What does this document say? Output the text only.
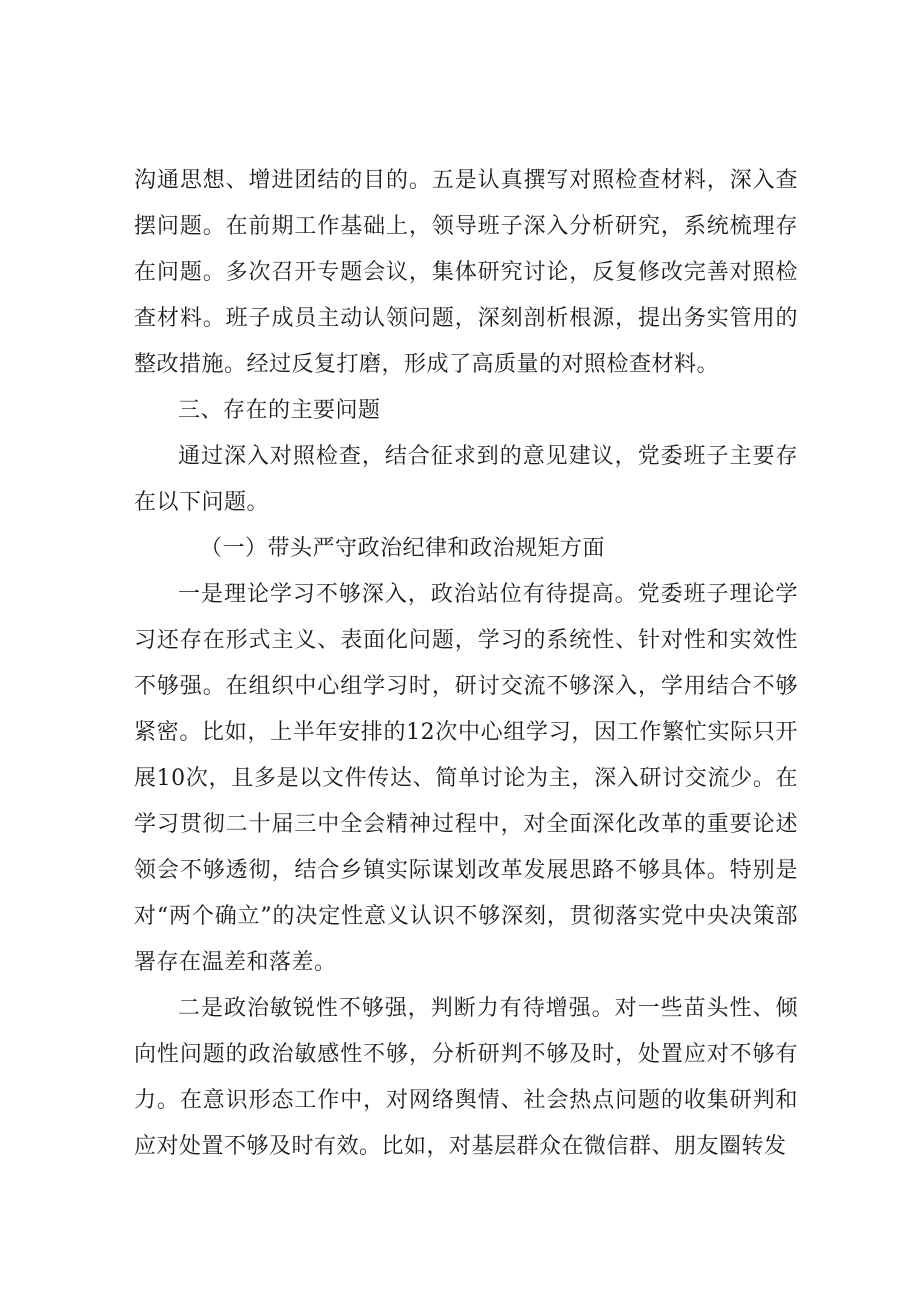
沟通思想、增进团结的目的。五是认真撰写对照检查材料，深入查摆问题。在前期工作基础上，领导班子深入分析研究，系统梳理存在问题。多次召开专题会议，集体研究讨论，反复修改完善对照检查材料。班子成员主动认领问题，深刻剖析根源，提出务实管用的整改措施。经过反复打磨，形成了高质量的对照检查材料。

三、存在的主要问题

通过深入对照检查，结合征求到的意见建议，党委班子主要存在以下问题。

（一）带头严守政治纪律和政治规矩方面

一是理论学习不够深入，政治站位有待提高。党委班子理论学习还存在形式主义、表面化问题，学习的系统性、针对性和实效性不够强。在组织中心组学习时，研讨交流不够深入，学用结合不够紧密。比如，上半年安排的12次中心组学习，因工作繁忙实际只开展10次，且多是以文件传达、简单讨论为主，深入研讨交流少。在学习贯彻二十届三中全会精神过程中，对全面深化改革的重要论述领会不够透彻，结合乡镇实际谋划改革发展思路不够具体。特别是对“两个确立”的决定性意义认识不够深刻，贯彻落实党中央决策部署存在温差和落差。

二是政治敏锐性不够强，判断力有待增强。对一些苗头性、倾向性问题的政治敏感性不够，分析研判不够及时，处置应对不够有力。在意识形态工作中，对网络舆情、社会热点问题的收集研判和应对处置不够及时有效。比如，对基层群众在微信群、朋友圈转发
